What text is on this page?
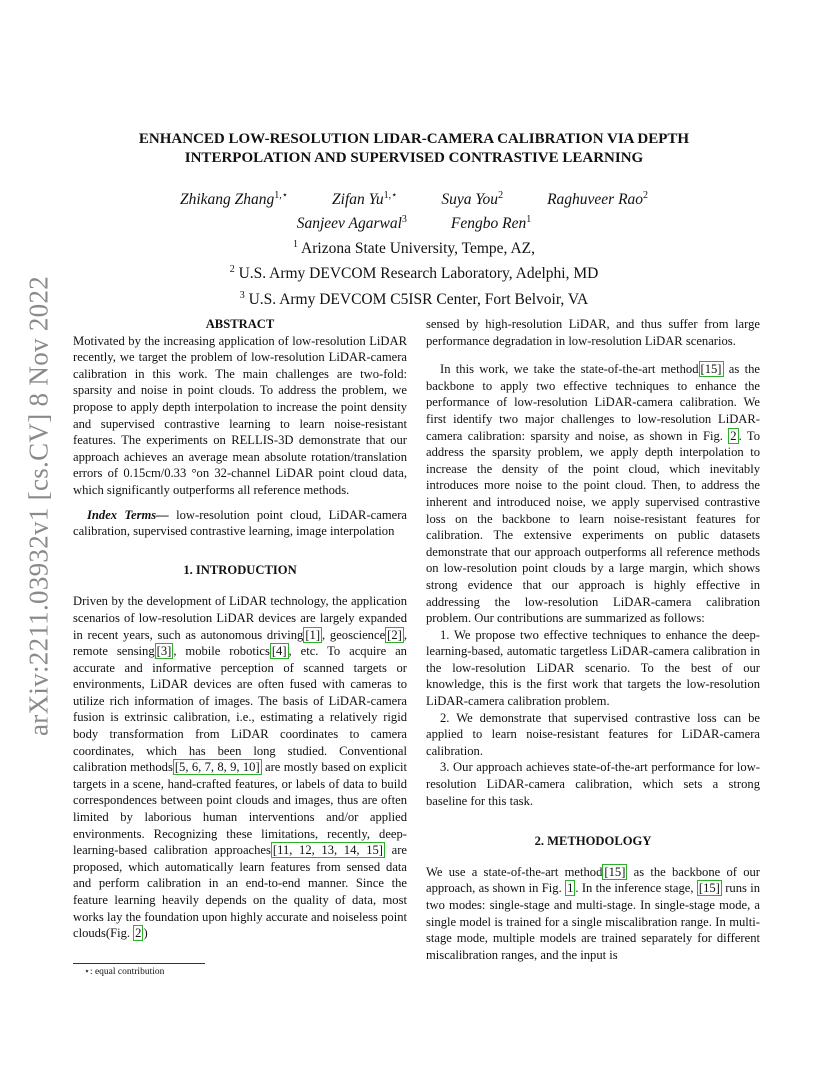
arXiv:2211.03932v1 [cs.CV] 8 Nov 2022
ENHANCED LOW-RESOLUTION LIDAR-CAMERA CALIBRATION VIA DEPTH
INTERPOLATION AND SUPERVISED CONTRASTIVE LEARNING
Zhikang Zhang$^{1,⋆}$	Zifan $Yu^{1,⋆}$	Suya You$^2$	Raghuveer Rao$^2$
Sanjeev Agarwal$^3$	Fengbo Ren$^1$
$^1$ Arizona State University, Tempe, AZ,
$^2$ U.S. Army DEVCOM Research Laboratory, Adelphi, MD
$^3$ U.S. Army DEVCOM C5ISR Center, Fort Belvoir, VA

ABSTRACT

Motivated by the increasing application of low-resolution LiDAR recently, we target the problem of low-resolution LiDAR-camera calibration in this work. The main challenges are two-fold: sparsity and noise in point clouds. To address the problem, we propose to apply depth interpolation to increase the point density and supervised contrastive learning to learn noise-resistant features. The experiments on RELLIS-3D demonstrate that our approach achieves an average mean absolute rotation/translation errors of 0.15cm/0.33 °on 32-channel LiDAR point cloud data, which significantly outperforms all reference methods.

Index Terms— low-resolution point cloud, LiDAR-camera calibration, supervised contrastive learning, image interpolation

1. INTRODUCTION

Driven by the development of LiDAR technology, the application scenarios of low-resolution LiDAR devices are largely expanded in recent years, such as autonomous driving [1] , geoscience [2] , remote sensing [3] , mobile robotics [4] , etc. To acquire an accurate and informative perception of scanned targets or environments, LiDAR devices are often fused with cameras to utilize rich information of images. The basis of LiDAR-camera fusion is extrinsic calibration, i.e., estimating a relatively rigid body transformation from LiDAR coordinates to camera coordinates, which has been long studied. Conventional calibration methods [5, 6, 7, 8, 9, 10] are mostly based on explicit targets in a scene, hand-crafted features, or labels of data to build correspondences between point clouds and images, thus are often limited by laborious human interventions and/or applied environments. Recognizing these limitations, recently, deep-learning-based calibration approaches [11, 12, 13, 14, 15] are proposed, which automatically learn features from sensed data and perform calibration in an end-to-end manner. Since the feature learning heavily depends on the quality of data, most works lay the foundation upon highly accurate and noiseless point clouds(Fig. 2 )

⋆: equal contribution

sensed by high-resolution LiDAR, and thus suffer from large performance degradation in low-resolution LiDAR scenarios.

In this work, we take the state-of-the-art method [15] as the backbone to apply two effective techniques to enhance the performance of low-resolution LiDAR-camera calibration. We first identify two major challenges to low-resolution LiDAR-camera calibration: sparsity and noise, as shown in Fig. 2 . To address the sparsity problem, we apply depth interpolation to increase the density of the point cloud, which inevitably introduces more noise to the point cloud. Then, to address the inherent and introduced noise, we apply supervised contrastive loss on the backbone to learn noise-resistant features for calibration. The extensive experiments on public datasets demonstrate that our approach outperforms all reference methods on low-resolution point clouds by a large margin, which shows strong evidence that our approach is highly effective in addressing the low-resolution LiDAR-camera calibration problem. Our contributions are summarized as follows:

1. We propose two effective techniques to enhance the deep-learning-based, automatic targetless LiDAR-camera calibration in the low-resolution LiDAR scenario. To the best of our knowledge, this is the first work that targets the low-resolution LiDAR-camera calibration problem.

2. We demonstrate that supervised contrastive loss can be applied to learn noise-resistant features for LiDAR-camera calibration.

3. Our approach achieves state-of-the-art performance for low-resolution LiDAR-camera calibration, which sets a strong baseline for this task.

2. METHODOLOGY

We use a state-of-the-art method [15] as the backbone of our approach, as shown in Fig. 1 . In the inference stage, [15] runs in two modes: single-stage and multi-stage. In single-stage mode, a single model is trained for a single miscalibration range. In multi-stage mode, multiple models are trained separately for different miscalibration ranges, and the input is
